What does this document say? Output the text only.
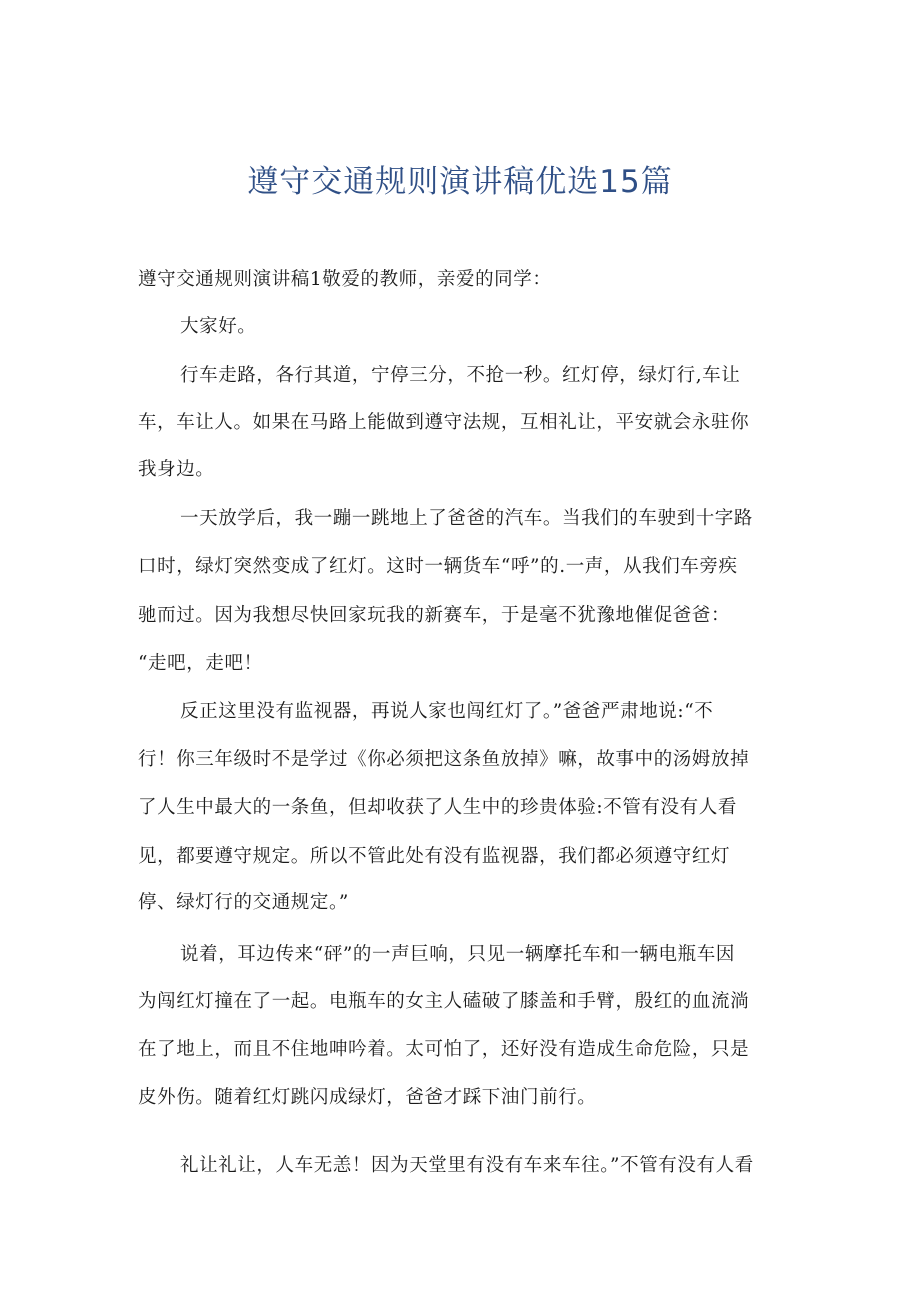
遵守交通规则演讲稿优选15篇
遵守交通规则演讲稿1敬爱的教师，亲爱的同学：
大家好。
行车走路，各行其道，宁停三分，不抢一秒。红灯停，绿灯行,车让
车，车让人。如果在马路上能做到遵守法规，互相礼让，平安就会永驻你
我身边。
一天放学后，我一蹦一跳地上了爸爸的汽车。当我们的车驶到十字路
口时，绿灯突然变成了红灯。这时一辆货车“呼”的.一声，从我们车旁疾
驰而过。因为我想尽快回家玩我的新赛车，于是毫不犹豫地催促爸爸：
“走吧，走吧！
反正这里没有监视器，再说人家也闯红灯了。”爸爸严肃地说:“不
行！你三年级时不是学过《你必须把这条鱼放掉》嘛，故事中的汤姆放掉
了人生中最大的一条鱼，但却收获了人生中的珍贵体验:不管有没有人看
见，都要遵守规定。所以不管此处有没有监视器，我们都必须遵守红灯
停、绿灯行的交通规定。”
说着，耳边传来“砰”的一声巨响，只见一辆摩托车和一辆电瓶车因
为闯红灯撞在了一起。电瓶车的女主人磕破了膝盖和手臂，殷红的血流淌
在了地上，而且不住地呻吟着。太可怕了，还好没有造成生命危险，只是
皮外伤。随着红灯跳闪成绿灯，爸爸才踩下油门前行。
礼让礼让，人车无恙！因为天堂里有没有车来车往。”不管有没有人看
